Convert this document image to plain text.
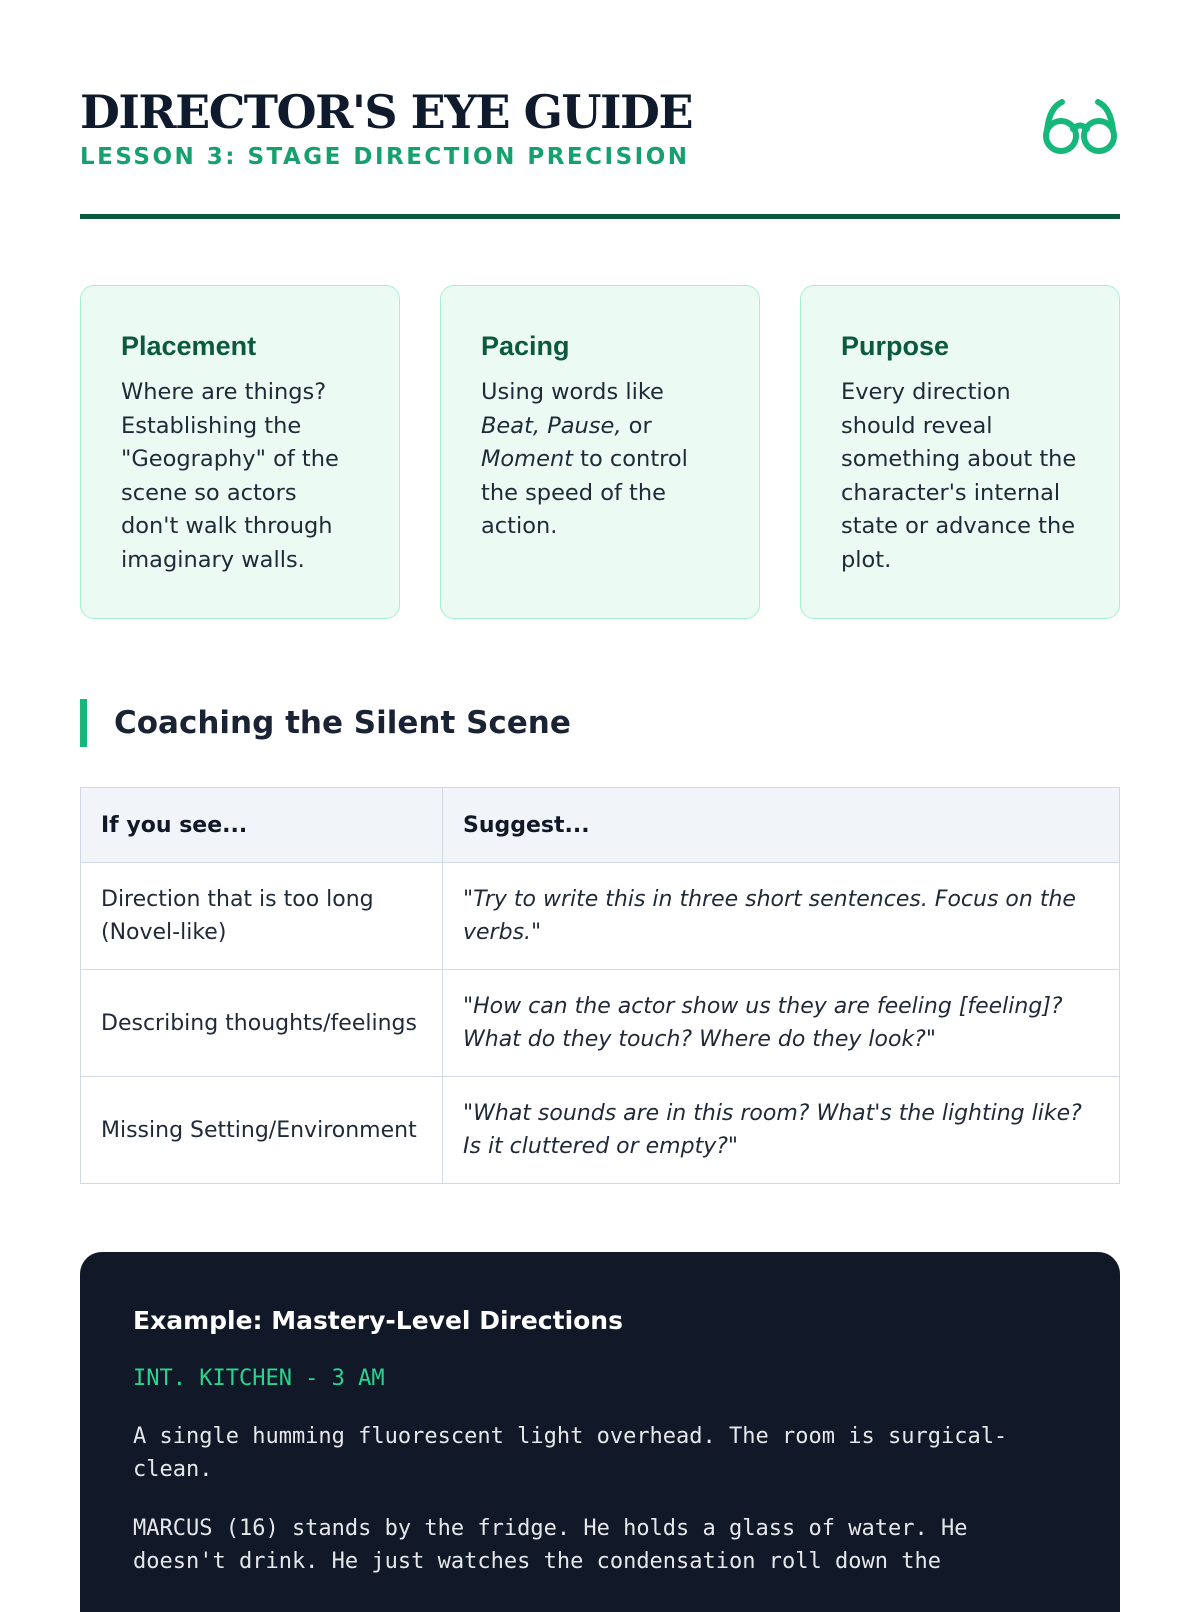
DIRECTOR'S EYE GUIDE
LESSON 3: STAGE DIRECTION PRECISION
Placement
Where are things? Establishing the "Geography" of the scene so actors don't walk through imaginary walls.
Pacing
Using words like Beat, Pause, or Moment to control the speed of the action.
Purpose
Every direction should reveal something about the character's internal state or advance the plot.
Coaching the Silent Scene
If you see...	Suggest...
Direction that is too long (Novel-like)	"Try to write this in three short sentences. Focus on the verbs."
Describing thoughts/feelings	"How can the actor show us they are feeling [feeling]? What do they touch? Where do they look?"
Missing Setting/Environment	"What sounds are in this room? What's the lighting like? Is it cluttered or empty?"
Example: Mastery-Level Directions
INT. KITCHEN - 3 AM
A single humming fluorescent light overhead. The room is surgical-clean.
MARCUS (16) stands by the fridge. He holds a glass of water. He doesn't drink. He just watches the condensation roll down the
